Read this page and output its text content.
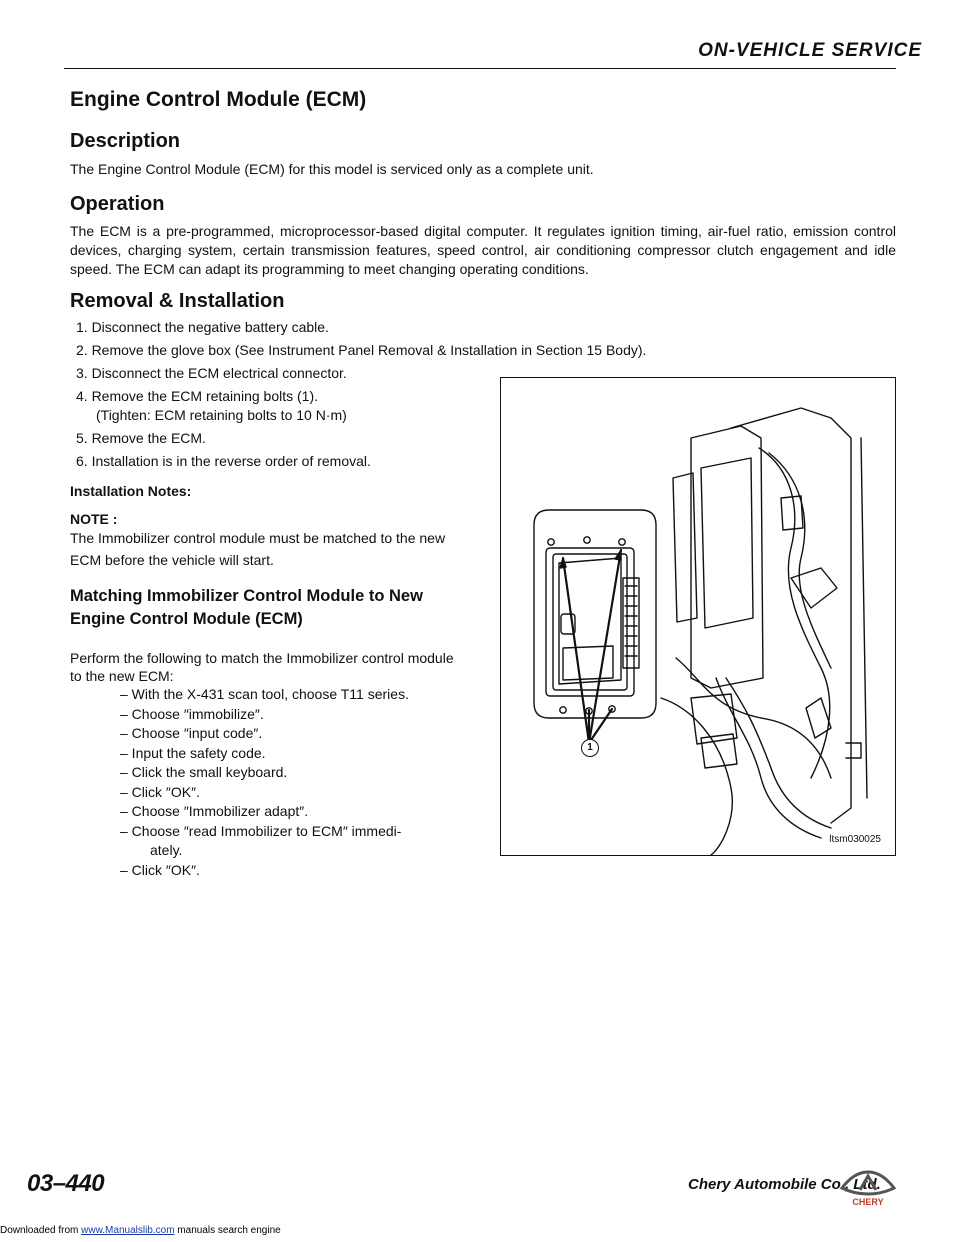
ON-VEHICLE SERVICE
Engine Control Module (ECM)
Description
The Engine Control Module (ECM) for this model is serviced only as a complete unit.
Operation
The ECM is a pre-programmed, microprocessor-based digital computer. It regulates ignition timing, air-fuel ratio, emission control devices, charging system, certain transmission features, speed control, air conditioning compressor clutch engagement and idle speed. The ECM can adapt its programming to meet changing operating conditions.
Removal & Installation
1. Disconnect the negative battery cable.
2. Remove the glove box (See Instrument Panel Removal & Installation in Section 15 Body).
3. Disconnect the ECM electrical connector.
4. Remove the ECM retaining bolts (1).
(Tighten: ECM retaining bolts to 10 N·m)
5. Remove the ECM.
6. Installation is in the reverse order of removal.
Installation Notes:
NOTE :
The Immobilizer control module must be matched to the new ECM before the vehicle will start.
Matching Immobilizer Control Module to New Engine Control Module (ECM)
Perform the following to match the Immobilizer control module to the new ECM:
– With the X-431 scan tool, choose T11 series.
– Choose ″immobilize″.
– Choose ″input code″.
– Input the safety code.
– Click the small keyboard.
– Click ″OK″.
– Choose ″Immobilizer adapt″.
– Choose ″read Immobilizer to ECM″ immedi-
ately.
– Click ″OK″.
1
ltsm030025
03–440	Chery Automobile Co., Ltd.
CHERY
Downloaded from www.Manualslib.com manuals search engine
